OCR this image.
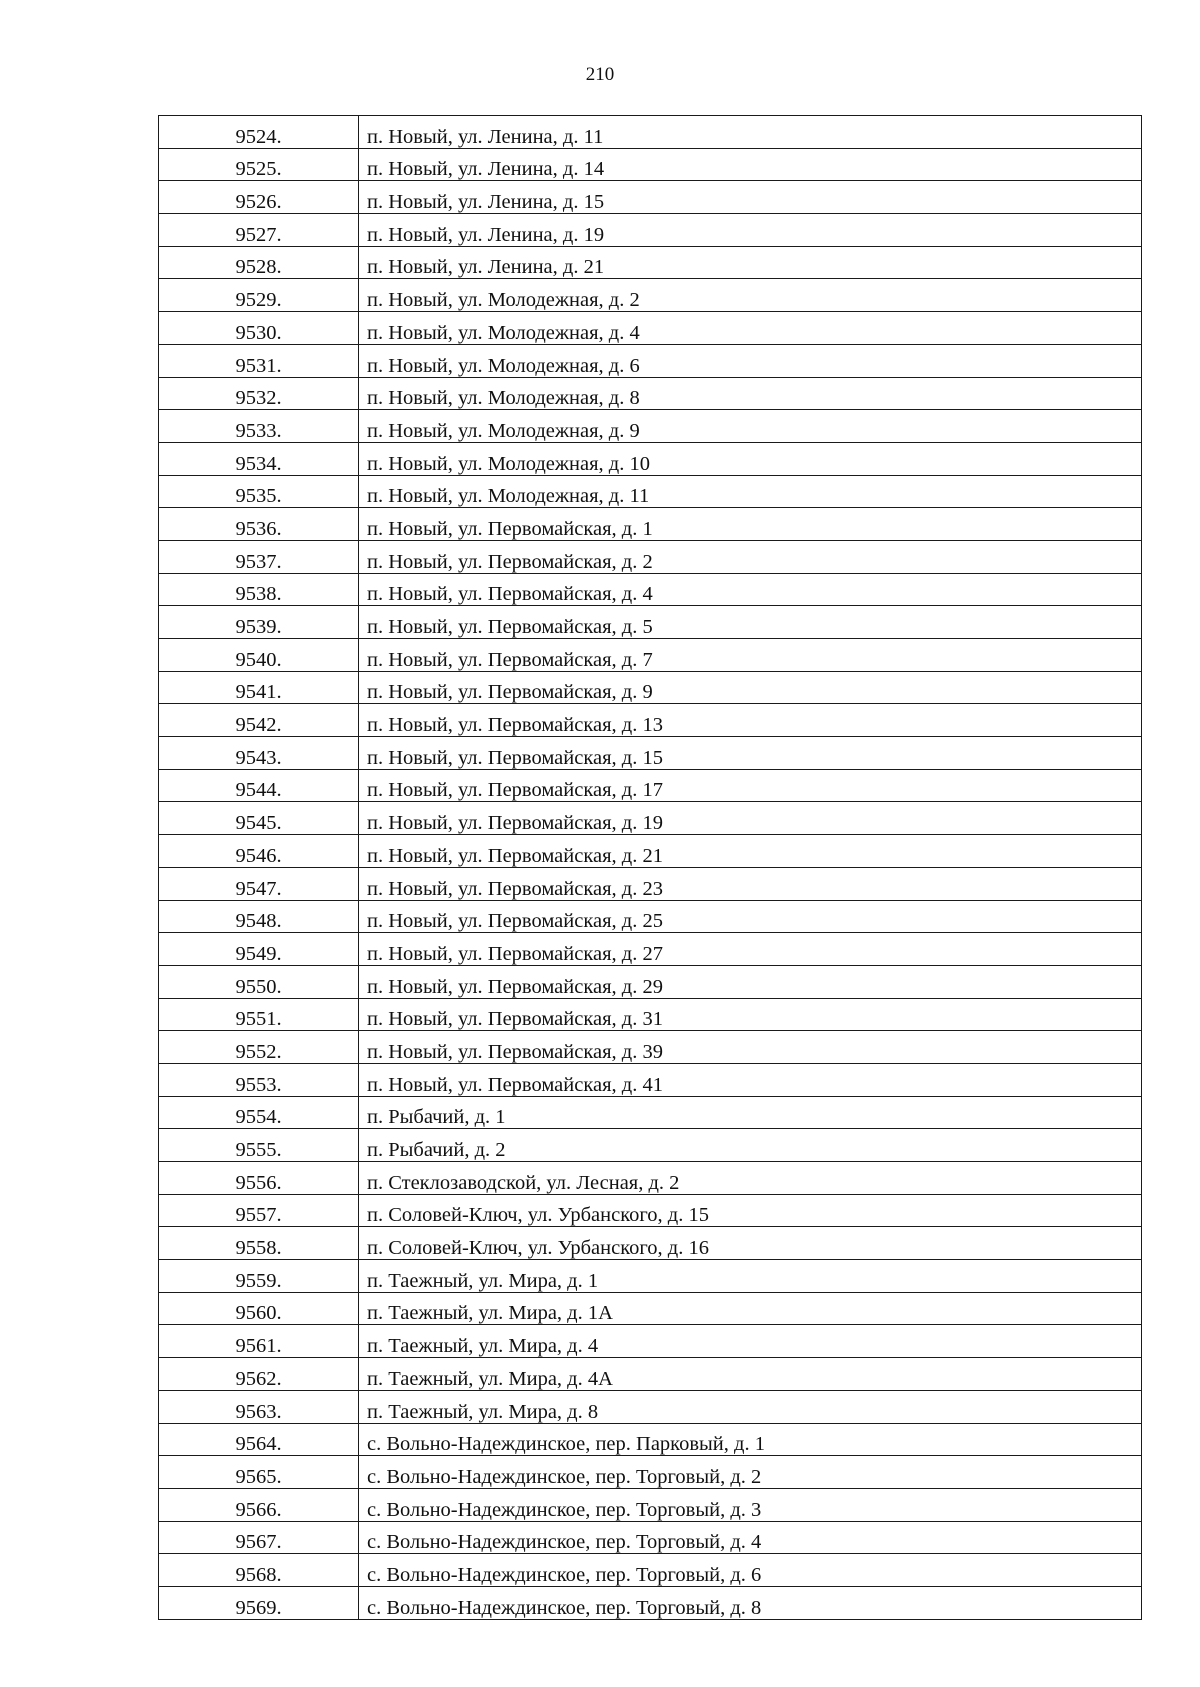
210
9524.	п. Новый, ул. Ленина, д. 11
9525.	п. Новый, ул. Ленина, д. 14
9526.	п. Новый, ул. Ленина, д. 15
9527.	п. Новый, ул. Ленина, д. 19
9528.	п. Новый, ул. Ленина, д. 21
9529.	п. Новый, ул. Молодежная, д. 2
9530.	п. Новый, ул. Молодежная, д. 4
9531.	п. Новый, ул. Молодежная, д. 6
9532.	п. Новый, ул. Молодежная, д. 8
9533.	п. Новый, ул. Молодежная, д. 9
9534.	п. Новый, ул. Молодежная, д. 10
9535.	п. Новый, ул. Молодежная, д. 11
9536.	п. Новый, ул. Первомайская, д. 1
9537.	п. Новый, ул. Первомайская, д. 2
9538.	п. Новый, ул. Первомайская, д. 4
9539.	п. Новый, ул. Первомайская, д. 5
9540.	п. Новый, ул. Первомайская, д. 7
9541.	п. Новый, ул. Первомайская, д. 9
9542.	п. Новый, ул. Первомайская, д. 13
9543.	п. Новый, ул. Первомайская, д. 15
9544.	п. Новый, ул. Первомайская, д. 17
9545.	п. Новый, ул. Первомайская, д. 19
9546.	п. Новый, ул. Первомайская, д. 21
9547.	п. Новый, ул. Первомайская, д. 23
9548.	п. Новый, ул. Первомайская, д. 25
9549.	п. Новый, ул. Первомайская, д. 27
9550.	п. Новый, ул. Первомайская, д. 29
9551.	п. Новый, ул. Первомайская, д. 31
9552.	п. Новый, ул. Первомайская, д. 39
9553.	п. Новый, ул. Первомайская, д. 41
9554.	п. Рыбачий, д. 1
9555.	п. Рыбачий, д. 2
9556.	п. Стеклозаводской, ул. Лесная, д. 2
9557.	п. Соловей-Ключ, ул. Урбанского, д. 15
9558.	п. Соловей-Ключ, ул. Урбанского, д. 16
9559.	п. Таежный, ул. Мира, д. 1
9560.	п. Таежный, ул. Мира, д. 1А
9561.	п. Таежный, ул. Мира, д. 4
9562.	п. Таежный, ул. Мира, д. 4А
9563.	п. Таежный, ул. Мира, д. 8
9564.	с. Вольно-Надеждинское, пер. Парковый, д. 1
9565.	с. Вольно-Надеждинское, пер. Торговый, д. 2
9566.	с. Вольно-Надеждинское, пер. Торговый, д. 3
9567.	с. Вольно-Надеждинское, пер. Торговый, д. 4
9568.	с. Вольно-Надеждинское, пер. Торговый, д. 6
9569.	с. Вольно-Надеждинское, пер. Торговый, д. 8
